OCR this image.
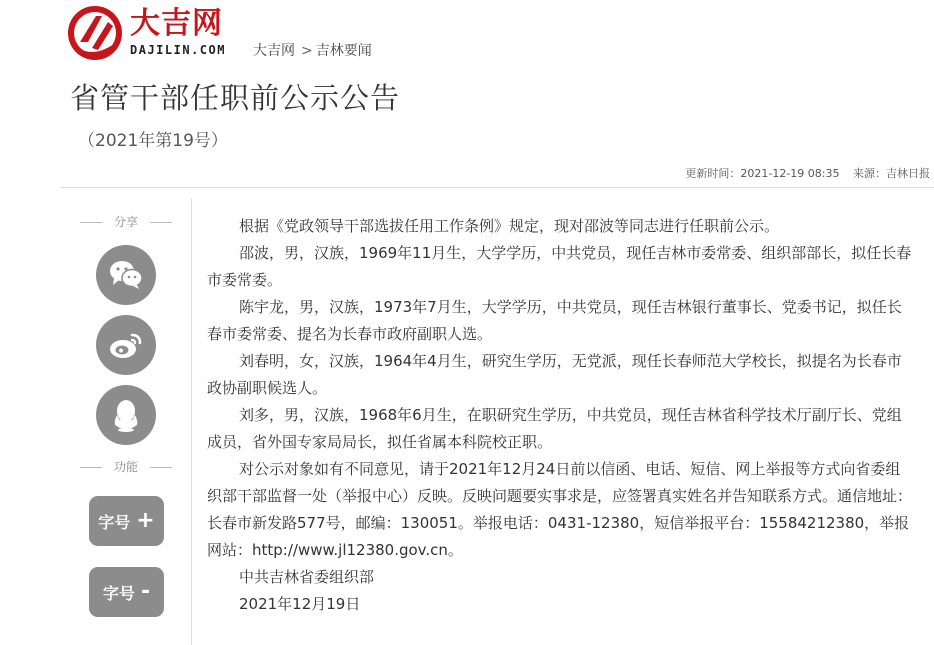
大吉网
DAJILIN.COM 大吉网 > 吉林要闻
省管干部任职前公示公告
（2021年第19号）
更新时间：2021-12-19 08:35 来源：吉林日报
分享
功能
字号 +
字号 -

根据《党政领导干部选拔任用工作条例》规定，现对邵波等同志进行任职前公示。

邵波，男，汉族，1969年11月生，大学学历，中共党员，现任吉林市委常委、组织部部长，拟任长春市委常委。

陈宇龙，男，汉族，1973年7月生，大学学历，中共党员，现任吉林银行董事长、党委书记，拟任长春市委常委、提名为长春市政府副职人选。

刘春明，女，汉族，1964年4月生，研究生学历，无党派，现任长春师范大学校长，拟提名为长春市政协副职候选人。

刘多，男，汉族，1968年6月生，在职研究生学历，中共党员，现任吉林省科学技术厅副厅长、党组成员，省外国专家局局长，拟任省属本科院校正职。

对公示对象如有不同意见，请于2021年12月24日前以信函、电话、短信、网上举报等方式向省委组织部干部监督一处（举报中心）反映。反映问题要实事求是，应签署真实姓名并告知联系方式。通信地址：长春市新发路577号，邮编：130051。举报电话：0431-12380，短信举报平台：15584212380，举报网站：http://www.jl12380.gov.cn。

中共吉林省委组织部

2021年12月19日
